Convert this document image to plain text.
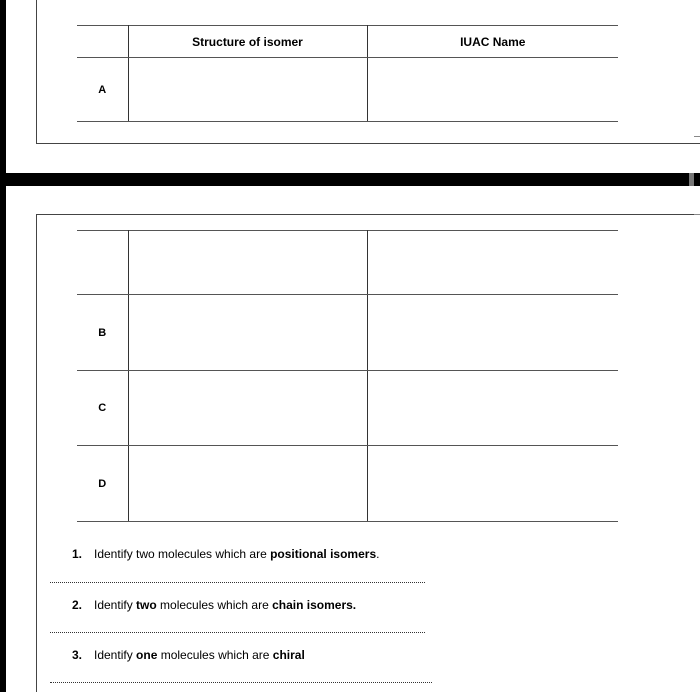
	Structure of isomer	IUAC Name
A		

B		
C		
D		
1. Identify two molecules which are positional isomers.
2. Identify two molecules which are chain isomers.
3. Identify one molecules which are chiral
